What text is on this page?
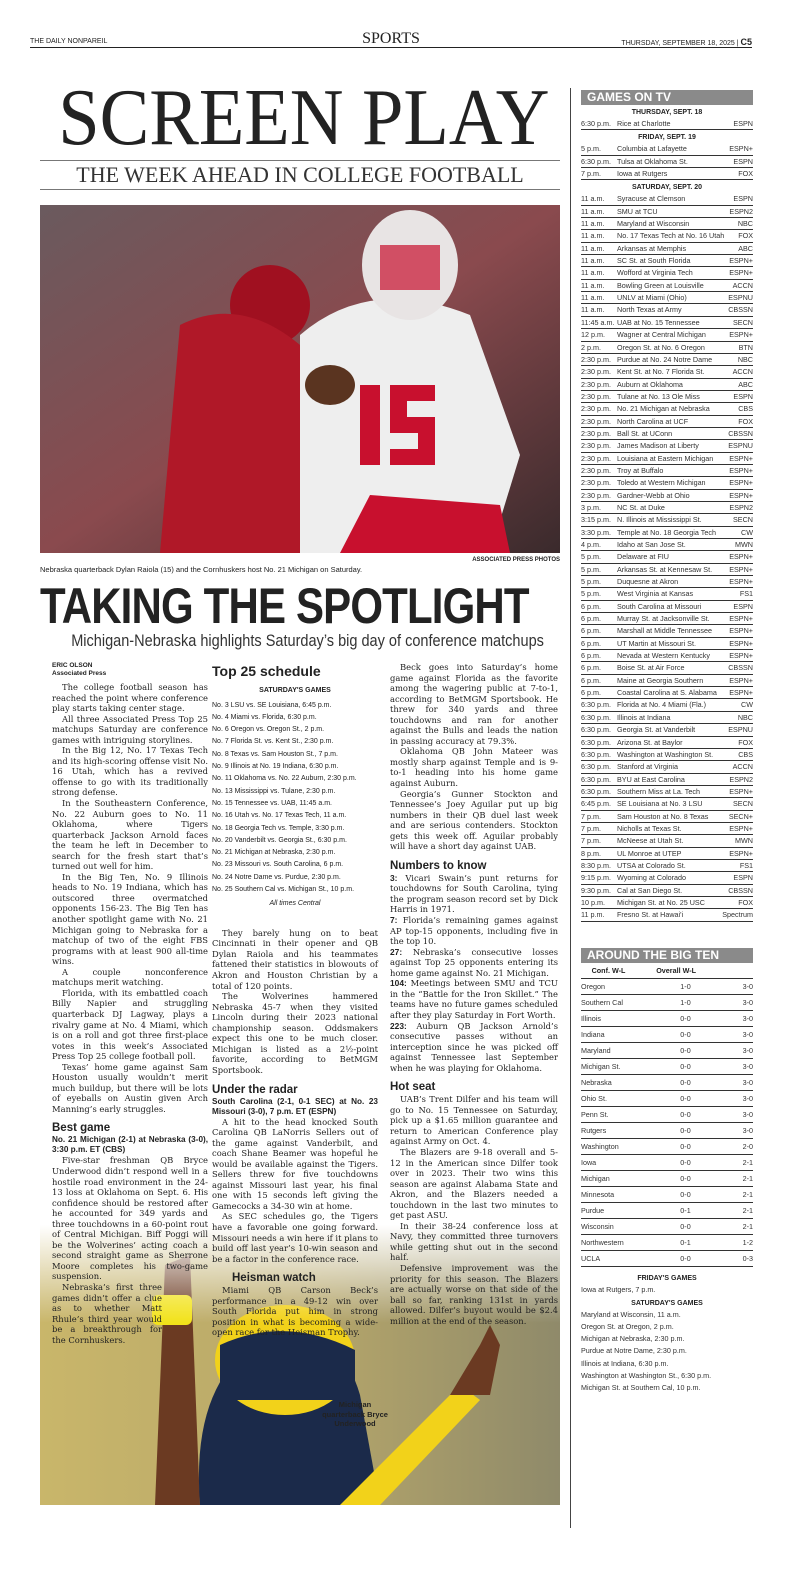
THE DAILY NONPAREIL	SPORTS	THURSDAY, SEPTEMBER 18, 2025 | C5
SCREEN PLAY
THE WEEK AHEAD IN COLLEGE FOOTBALL
Nebraska quarterback Dylan Raiola (15) and the Cornhuskers host No. 21 Michigan on Saturday.
ASSOCIATED PRESS PHOTOS
TAKING THE SPOTLIGHT
Michigan-Nebraska highlights Saturday’s big day of conference matchups
Michigan quarterback Bryce Underwood
ERIC OLSON
Associated Press

The college football season has reached the point where conference play starts taking center stage.

All three Associated Press Top 25 matchups Saturday are conference games with intriguing storylines.

In the Big 12, No. 17 Texas Tech and its high-scoring offense visit No. 16 Utah, which has a revived offense to go with its traditionally strong defense.

In the Southeastern Conference, No. 22 Auburn goes to No. 11 Oklahoma, where Tigers quarterback Jackson Arnold faces the team he left in December to search for the fresh start that’s turned out well for him.

In the Big Ten, No. 9 Illinois heads to No. 19 Indiana, which has outscored three overmatched opponents 156-23. The Big Ten has another spotlight game with No. 21 Michigan going to Nebraska for a matchup of two of the eight FBS programs with at least 900 all-time wins.

A couple nonconference matchups merit watching.

Florida, with its embattled coach Billy Napier and struggling quarterback DJ Lagway, plays a rivalry game at No. 4 Miami, which is on a roll and got three first-place votes in this week’s Associated Press Top 25 college football poll.

Texas’ home game against Sam Houston usually wouldn’t merit much buildup, but there will be lots of eyeballs on Austin given Arch Manning’s early struggles.

Best game
No. 21 Michigan (2-1) at Nebraska (3-0), 3:30 p.m. ET (CBS)

Five-star freshman QB Bryce Underwood didn’t respond well in a hostile road environment in the 24-13 loss at Oklahoma on Sept. 6. His confidence should be restored after he accounted for 349 yards and three touchdowns in a 60-point rout of Central Michigan. Biff Poggi will be the Wolverines’ acting coach a second straight game as Sherrone Moore completes his two-game suspension.

Nebraska’s first three games didn’t offer a clue as to whether Matt Rhule’s third year would be a breakthrough for the Cornhuskers.

Top 25 schedule
SATURDAY'S GAMES
No. 3 LSU vs. SE Louisiana, 6:45 p.m.
No. 4 Miami vs. Florida, 6:30 p.m.
No. 6 Oregon vs. Oregon St., 2 p.m.
No. 7 Florida St. vs. Kent St., 2:30 p.m.
No. 8 Texas vs. Sam Houston St., 7 p.m.
No. 9 Illinois at No. 19 Indiana, 6:30 p.m.
No. 11 Oklahoma vs. No. 22 Auburn, 2:30 p.m.
No. 13 Mississippi vs. Tulane, 2:30 p.m.
No. 15 Tennessee vs. UAB, 11:45 a.m.
No. 16 Utah vs. No. 17 Texas Tech, 11 a.m.
No. 18 Georgia Tech vs. Temple, 3:30 p.m.
No. 20 Vanderbilt vs. Georgia St., 6:30 p.m.
No. 21 Michigan at Nebraska, 2:30 p.m.
No. 23 Missouri vs. South Carolina, 6 p.m.
No. 24 Notre Dame vs. Purdue, 2:30 p.m.
No. 25 Southern Cal vs. Michigan St., 10 p.m.
All times Central

They barely hung on to beat Cincinnati in their opener and QB Dylan Raiola and his teammates fattened their statistics in blowouts of Akron and Houston Christian by a total of 120 points.

The Wolverines hammered Nebraska 45-7 when they visited Lincoln during their 2023 national championship season. Oddsmakers expect this one to be much closer. Michigan is listed as a 2½-point favorite, according to BetMGM Sportsbook.

Under the radar
South Carolina (2-1, 0-1 SEC) at No. 23 Missouri (3-0), 7 p.m. ET (ESPN)

A hit to the head knocked South Carolina QB LaNorris Sellers out of the game against Vanderbilt, and coach Shane Beamer was hopeful he would be available against the Tigers. Sellers threw for five touchdowns against Missouri last year, his final one with 15 seconds left giving the Gamecocks a 34-30 win at home.

As SEC schedules go, the Tigers have a favorable one going forward. Missouri needs a win here if it plans to build off last year’s 10-win season and be a factor in the conference race.

Heisman watch

Miami QB Carson Beck’s performance in a 49-12 win over South Florida put him in strong position in what is becoming a wide-open race for the Heisman Trophy.

Beck goes into Saturday’s home game against Florida as the favorite among the wagering public at 7-to-1, according to BetMGM Sportsbook. He threw for 340 yards and three touchdowns and ran for another against the Bulls and leads the nation in passing accuracy at 79.3%.

Oklahoma QB John Mateer was mostly sharp against Temple and is 9-to-1 heading into his home game against Auburn.

Georgia’s Gunner Stockton and Tennessee’s Joey Aguilar put up big numbers in their QB duel last week and are serious contenders. Stockton gets this week off. Aguilar probably will have a short day against UAB.

Numbers to know
3: Vicari Swain’s punt returns for touchdowns for South Carolina, tying the program season record set by Dick Harris in 1971.
7: Florida’s remaining games against AP top-15 opponents, including five in the top 10.
27: Nebraska’s consecutive losses against Top 25 opponents entering its home game against No. 21 Michigan.
104: Meetings between SMU and TCU in the “Battle for the Iron Skillet.” The teams have no future games scheduled after they play Saturday in Fort Worth.
223: Auburn QB Jackson Arnold’s consecutive passes without an interception since he was picked off against Tennessee last September when he was playing for Oklahoma.
Hot seat

UAB’s Trent Dilfer and his team will go to No. 15 Tennessee on Saturday, pick up a $1.65 million guarantee and return to American Conference play against Army on Oct. 4.

The Blazers are 9-18 overall and 5-12 in the American since Dilfer took over in 2023. Their two wins this season are against Alabama State and Akron, and the Blazers needed a touchdown in the last two minutes to get past ASU.

In their 38-24 conference loss at Navy, they committed three turnovers while getting shut out in the second half.

Defensive improvement was the priority for this season. The Blazers are actually worse on that side of the ball so far, ranking 131st in yards allowed. Dilfer’s buyout would be $2.4 million at the end of the season.

GAMES ON TV
THURSDAY, SEPT. 18
6:30 p.m. Rice at Charlotte	ESPN
FRIDAY, SEPT. 19
5 p.m.	Columbia at Lafayette	ESPN+
6:30 p.m. Tulsa at Oklahoma St.	ESPN
7 p.m.	Iowa at Rutgers	FOX
SATURDAY, SEPT. 20
11 a.m.	Syracuse at Clemson	ESPN
11 a.m.	SMU at TCU	ESPN2
11 a.m.	Maryland at Wisconsin	NBC
11 a.m.	No. 17 Texas Tech at No. 16 Utah	FOX
11 a.m.	Arkansas at Memphis	ABC
11 a.m.	SC St. at South Florida	ESPN+
11 a.m.	Wofford at Virginia Tech	ESPN+
11 a.m.	Bowling Green at Louisville	ACCN
11 a.m.	UNLV at Miami (Ohio)	ESPNU
11 a.m.	North Texas at Army	CBSSN
11:45 a.m. UAB at No. 15 Tennessee	SECN
12 p.m.	Wagner at Central Michigan	ESPN+
2 p.m.	Oregon St. at No. 6 Oregon	BTN
2:30 p.m. Purdue at No. 24 Notre Dame	NBC
2:30 p.m. Kent St. at No. 7 Florida St.	ACCN
2:30 p.m. Auburn at Oklahoma	ABC
2:30 p.m. Tulane at No. 13 Ole Miss	ESPN
2:30 p.m. No. 21 Michigan at Nebraska	CBS
2:30 p.m. North Carolina at UCF	FOX
2:30 p.m. Ball St. at UConn	CBSSN
2:30 p.m. James Madison at Liberty	ESPNU
2:30 p.m. Louisiana at Eastern Michigan	ESPN+
2:30 p.m. Troy at Buffalo	ESPN+
2:30 p.m. Toledo at Western Michigan	ESPN+
2:30 p.m. Gardner-Webb at Ohio	ESPN+
3 p.m.	NC St. at Duke	ESPN2
3:15 p.m. N. Illinois at Mississippi St.	SECN
3:30 p.m. Temple at No. 18 Georgia Tech	CW
4 p.m.	Idaho at San Jose St.	MWN
5 p.m.	Delaware at FIU	ESPN+
5 p.m.	Arkansas St. at Kennesaw St.	ESPN+
5 p.m.	Duquesne at Akron	ESPN+
5 p.m.	West Virginia at Kansas	FS1
6 p.m.	South Carolina at Missouri	ESPN
6 p.m.	Murray St. at Jacksonville St.	ESPN+
6 p.m.	Marshall at Middle Tennessee	ESPN+
6 p.m.	UT Martin at Missouri St.	ESPN+
6 p.m.	Nevada at Western Kentucky	ESPN+
6 p.m.	Boise St. at Air Force	CBSSN
6 p.m.	Maine at Georgia Southern	ESPN+
6 p.m.	Coastal Carolina at S. Alabama	ESPN+
6:30 p.m. Florida at No. 4 Miami (Fla.)	CW
6:30 p.m. Illinois at Indiana	NBC
6:30 p.m. Georgia St. at Vanderbilt	ESPNU
6:30 p.m. Arizona St. at Baylor	FOX
6:30 p.m. Washington at Washington St.	CBS
6:30 p.m. Stanford at Virginia	ACCN
6:30 p.m. BYU at East Carolina	ESPN2
6:30 p.m. Southern Miss at La. Tech	ESPN+
6:45 p.m. SE Louisiana at No. 3 LSU	SECN
7 p.m.	Sam Houston at No. 8 Texas	SECN+
7 p.m.	Nicholls at Texas St.	ESPN+
7 p.m.	McNeese at Utah St.	MWN
8 p.m.	UL Monroe at UTEP	ESPN+
8:30 p.m. UTSA at Colorado St.	FS1
9:15 p.m. Wyoming at Colorado	ESPN
9:30 p.m. Cal at San Diego St.	CBSSN
10 p.m.	Michigan St. at No. 25 USC	FOX
11 p.m.	Fresno St. at Hawai'i	Spectrum
AROUND THE BIG TEN
Conf. W-L	Overall W-L
Oregon	1-0	3-0
Southern Cal	1-0	3-0
Illinois	0-0	3-0
Indiana	0-0	3-0
Maryland	0-0	3-0
Michigan St.	0-0	3-0
Nebraska	0-0	3-0
Ohio St.	0-0	3-0
Penn St.	0-0	3-0
Rutgers	0-0	3-0
Washington	0-0	2-0
Iowa	0-0	2-1
Michigan	0-0	2-1
Minnesota	0-0	2-1
Purdue	0-1	2-1
Wisconsin	0-0	2-1
Northwestern	0-1	1-2
UCLA	0-0	0-3
FRIDAY'S GAMES
Iowa at Rutgers, 7 p.m.
SATURDAY'S GAMES
Maryland at Wisconsin, 11 a.m.
Oregon St. at Oregon, 2 p.m.
Michigan at Nebraska, 2:30 p.m.
Purdue at Notre Dame, 2:30 p.m.
Illinois at Indiana, 6:30 p.m.
Washington at Washington St., 6:30 p.m.
Michigan St. at Southern Cal, 10 p.m.
